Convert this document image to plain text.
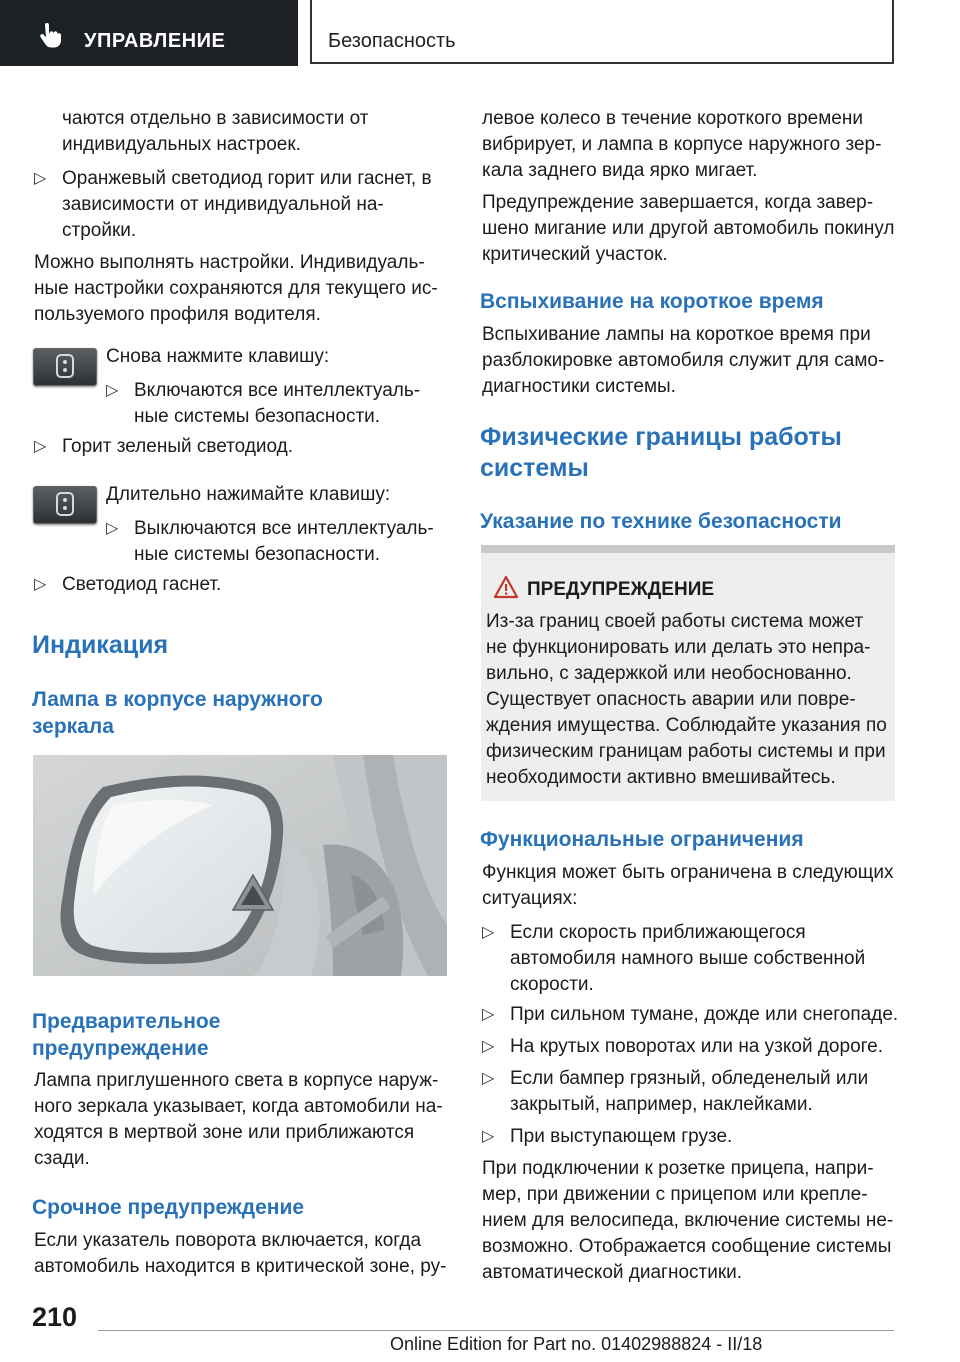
УПРАВЛЕНИЕ	Безопасность

чаются отдельно в зависимости от

индивидуальных настроек.

▷ Оранжевый светодиод горит или гаснет, в

зависимости от индивидуальной на-

стройки.

Можно выполнять настройки. Индивидуаль-

ные настройки сохраняются для текущего ис-

пользуемого профиля водителя.

Снова нажмите клавишу:

▷ Включаются все интеллектуаль-

ные системы безопасности.

▷ Горит зеленый светодиод.

Длительно нажимайте клавишу:

▷ Выключаются все интеллектуаль-

ные системы безопасности.

▷ Светодиод гаснет.

Индикация
Лампа в корпусе наружного
зеркала
Предварительное
предупреждение

Лампа приглушенного света в корпусе наруж-

ного зеркала указывает, когда автомобили на-

ходятся в мертвой зоне или приближаются

сзади.

Срочное предупреждение

Если указатель поворота включается, когда

автомобиль находится в критической зоне, ру-

левое колесо в течение короткого времени

вибрирует, и лампа в корпусе наружного зер-

кала заднего вида ярко мигает.

Предупреждение завершается, когда завер-

шено мигание или другой автомобиль покинул

критический участок.

Вспыхивание на короткое время

Вспыхивание лампы на короткое время при

разблокировке автомобиля служит для само-

диагностики системы.

Физические границы работы
системы
Указание по технике безопасности
ПРЕДУПРЕЖДЕНИЕ

Из-за границ своей работы система может

не функционировать или делать это непра-

вильно, с задержкой или необоснованно.

Существует опасность аварии или повре-

ждения имущества. Соблюдайте указания по

физическим границам работы системы и при

необходимости активно вмешивайтесь.

Функциональные ограничения

Функция может быть ограничена в следующих

ситуациях:

▷ Если скорость приближающегося

автомобиля намного выше собственной

скорости.

▷ При сильном тумане, дожде или снегопаде.

▷ На крутых поворотах или на узкой дороге.

▷ Если бампер грязный, обледенелый или

закрытый, например, наклейками.

▷ При выступающем грузе.

При подключении к розетке прицепа, напри-

мер, при движении с прицепом или крепле-

нием для велосипеда, включение системы не-

возможно. Отображается сообщение системы

автоматической диагностики.

210
Online Edition for Part no. 01402988824 - II/18
